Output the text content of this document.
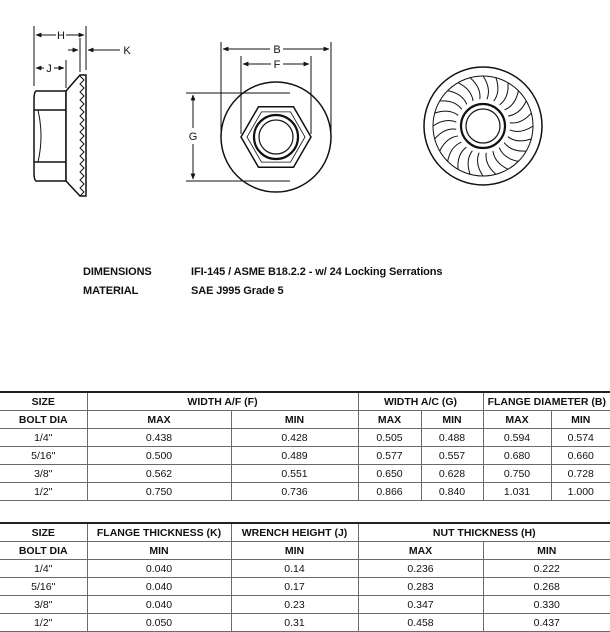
H
J
K	B
F
G
DIMENSIONS	IFI-145 / ASME B18.2.2 - w/ 24 Locking Serrations
MATERIAL	SAE J995 Grade 5
SIZE	WIDTH A/F (F)		WIDTH A/C (G)		FLANGE DIAMETER (B)	
BOLT DIA	MAX	MIN	MAX	MIN	MAX	MIN
1/4"	0.438	0.428	0.505	0.488	0.594	0.574
5/16"	0.500	0.489	0.577	0.557	0.680	0.660
3/8"	0.562	0.551	0.650	0.628	0.750	0.728
1/2"	0.750	0.736	0.866	0.840	1.031	1.000
SIZE	FLANGE THICKNESS (K)	WRENCH HEIGHT (J)	NUT THICKNESS (H)	
BOLT DIA	MIN	MIN	MAX	MIN
1/4"	0.040	0.14	0.236	0.222
5/16"	0.040	0.17	0.283	0.268
3/8"	0.040	0.23	0.347	0.330
1/2"	0.050	0.31	0.458	0.437
